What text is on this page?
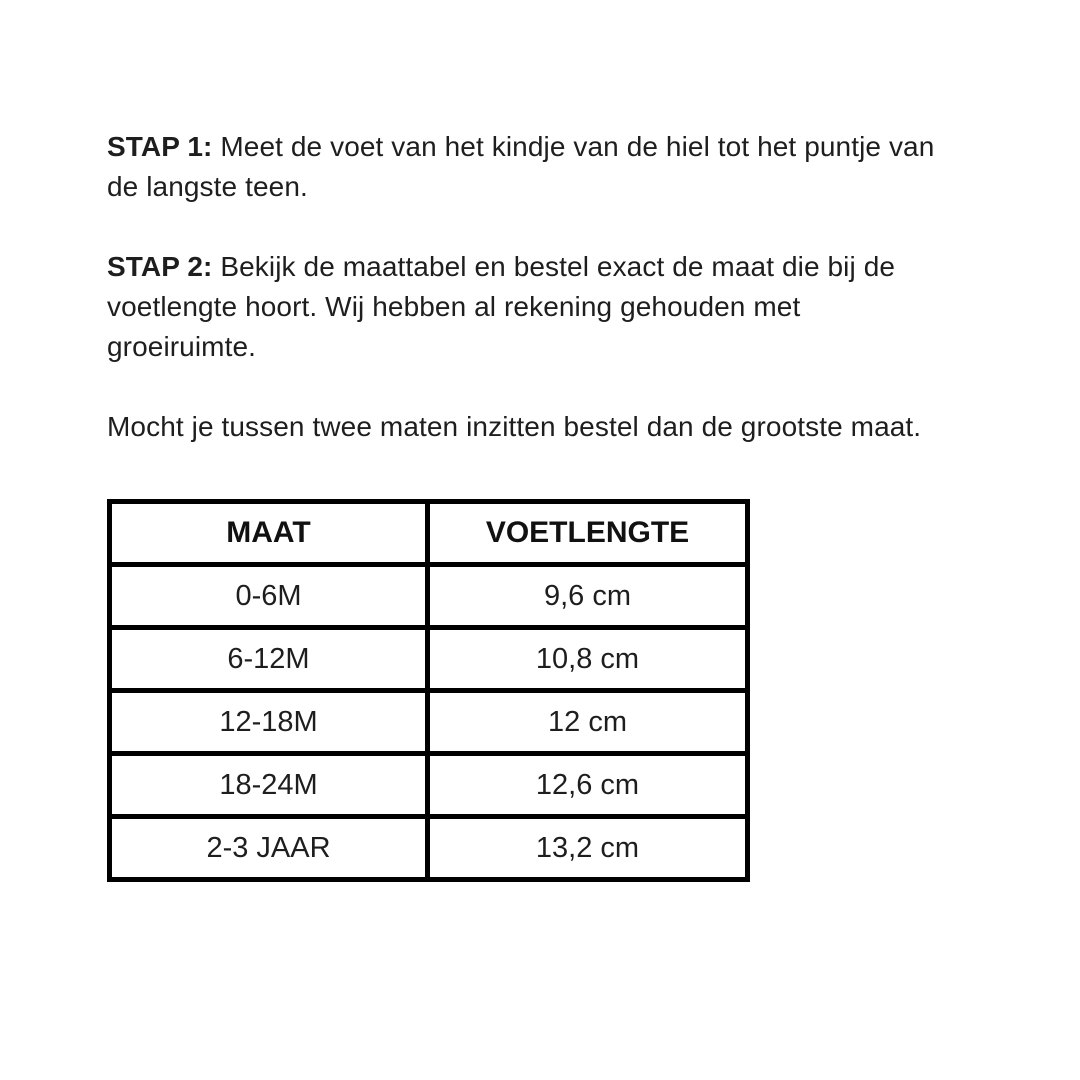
STAP 1: Meet de voet van het kindje van de hiel tot het puntje van de langste teen.

STAP 2: Bekijk de maattabel en bestel exact de maat die bij de voetlengte hoort. Wij hebben al rekening gehouden met groeiruimte.

Mocht je tussen twee maten inzitten bestel dan de grootste maat.

MAAT	VOETLENGTE
0-6M	9,6 cm
6-12M	10,8 cm
12-18M	12 cm
18-24M	12,6 cm
2-3 JAAR	13,2 cm
